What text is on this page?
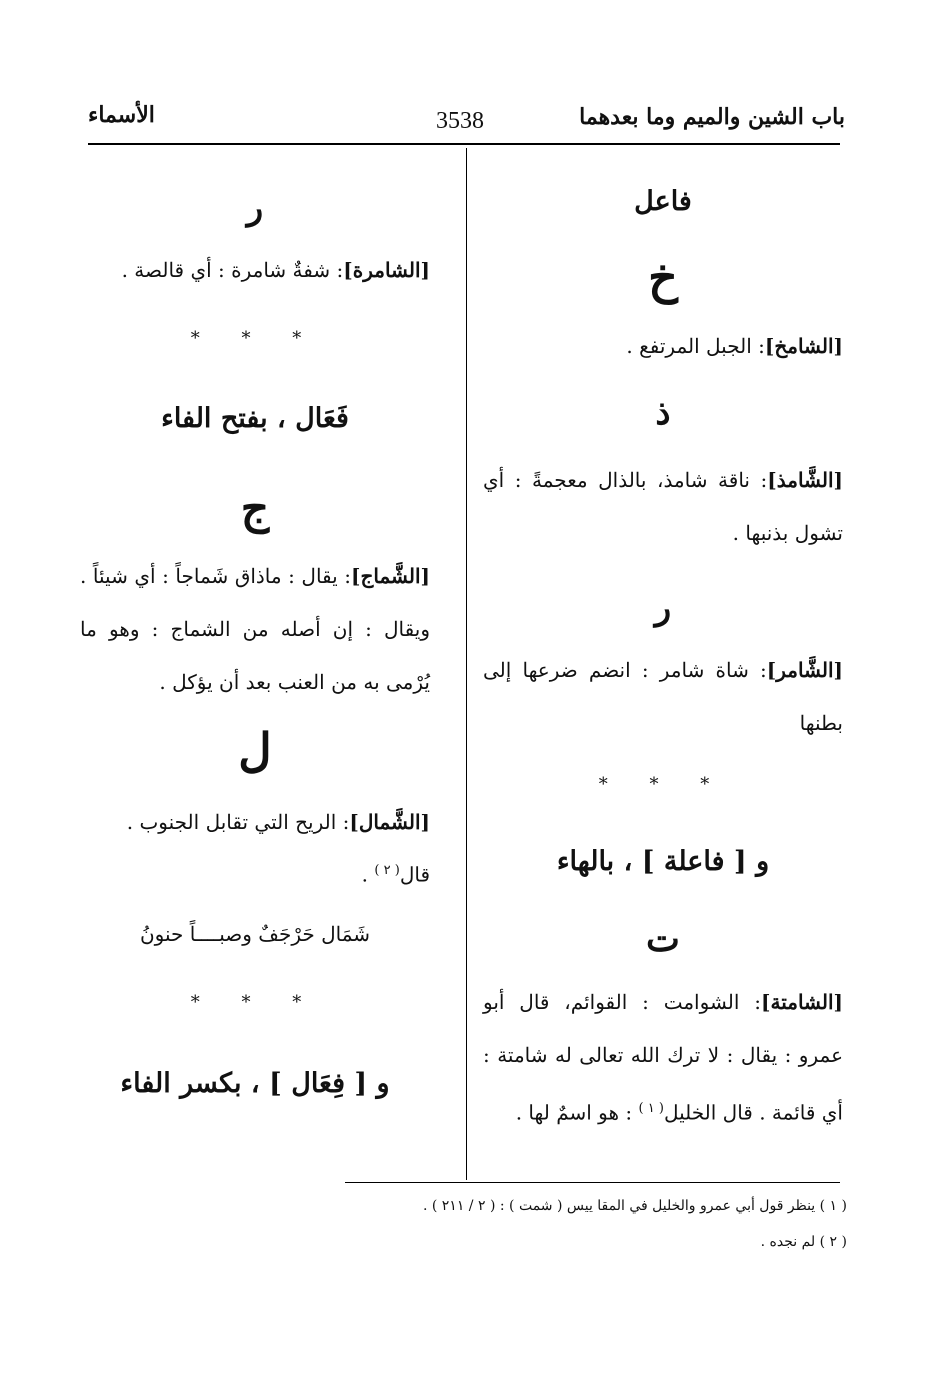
باب الشين والميم وما بعدهما
3538
الأسماء
فاعل
خ
[الشامخ]: الجبل المرتفع .
ذ
[الشَّامذ]: ناقة شامذ، بالذال معجمةً : أي تشول بذنبها .
ر
[الشَّامر]: شاة شامر : انضم ضرعها إلى بطنها
* * *
و [ فاعلة ] ، بالهاء
ت
[الشامتة]: الشوامت : القوائم، قال أبو عمرو : يقال : لا ترك الله تعالى له شامتة : أي قائمة . قال الخليل$^{( ١ )}$ : هو اسمٌ لها .
ر
[الشامرة]: شفةٌ شامرة : أي قالصة .
* * *
فَعَال ، بفتح الفاء
ج
[الشَّماج]: يقال : ماذاق شَماجاً : أي شيئاً . ويقال : إن أصله من الشماج : وهو ما يُرْمى به من العنب بعد أن يؤكل .
ل
[الشَّمال]: الريح التي تقابل الجنوب .
قال$^{( ٢ )}$ .
شَمَال حَرْجَفٌ وصبــــاً حنونُ
* * *
و [ فِعَال ] ، بكسر الفاء
( ١ ) ينظر قول أبي عمرو والخليل في المقا ييس ( شمت ) : ( ٢ / ٢١١ ) .
( ٢ ) لم نجده .
